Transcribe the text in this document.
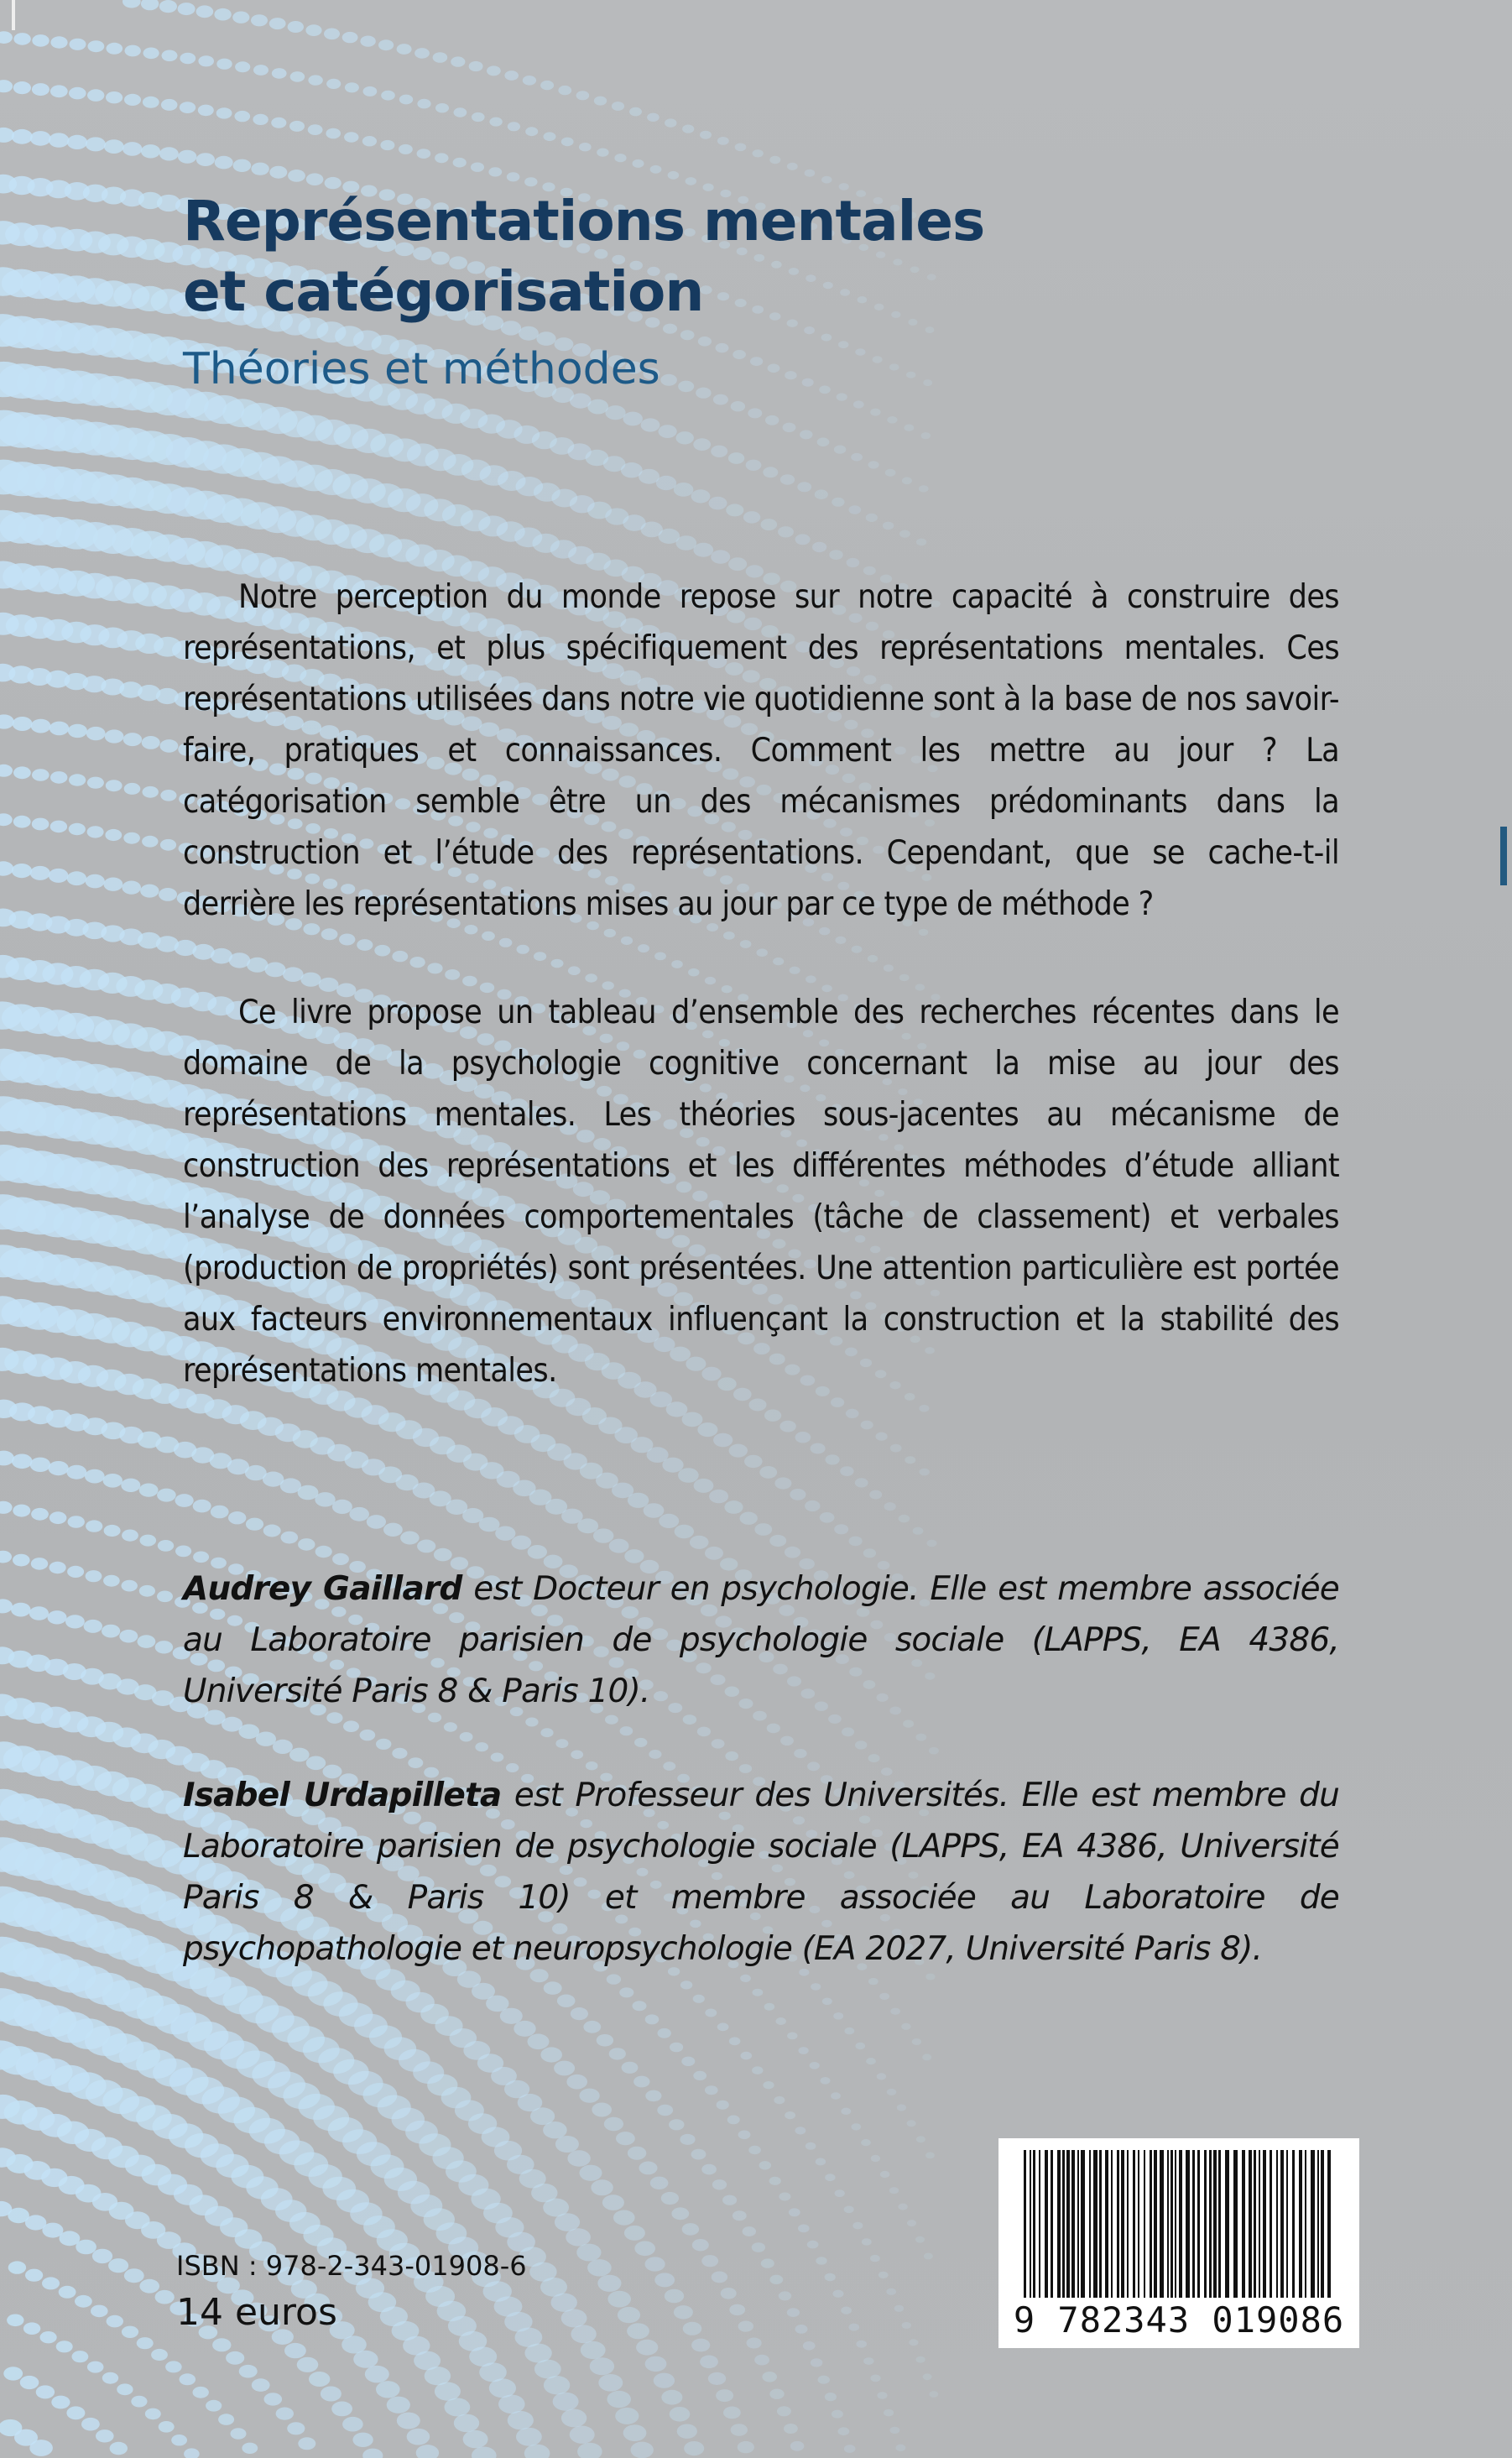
Représentations mentales
et catégorisation
Théories et méthodes

Notre perception du monde repose sur notre capacité à construire des représentations, et plus spécifiquement des représentations mentales. Ces représentations utilisées dans notre vie quotidienne sont à la base de nos savoir-faire, pratiques et connaissances. Comment les mettre au jour ? La catégorisation semble être un des mécanismes prédominants dans la construction et l’étude des représentations. Cependant, que se cache-t-il derrière les représentations mises au jour par ce type de méthode ?

Ce livre propose un tableau d’ensemble des recherches récentes dans le domaine de la psychologie cognitive concernant la mise au jour des représentations mentales. Les théories sous-jacentes au mécanisme de construction des représentations et les différentes méthodes d’étude alliant l’analyse de données comportementales (tâche de classement) et verbales (production de propriétés) sont présentées. Une attention particulière est portée aux facteurs environnementaux influençant la construction et la stabilité des représentations mentales.

Audrey Gaillard est Docteur en psychologie. Elle est membre associée au Laboratoire parisien de psychologie sociale (LAPPS, EA 4386, Université Paris 8 & Paris 10).

Isabel Urdapilleta est Professeur des Universités. Elle est membre du Laboratoire parisien de psychologie sociale (LAPPS, EA 4386, Université Paris 8 & Paris 10) et membre associée au Laboratoire de psychopathologie et neuropsychologie (EA 2027, Université Paris 8).

ISBN : 978-2-343-01908-6

14 euros	9 782343 019086
